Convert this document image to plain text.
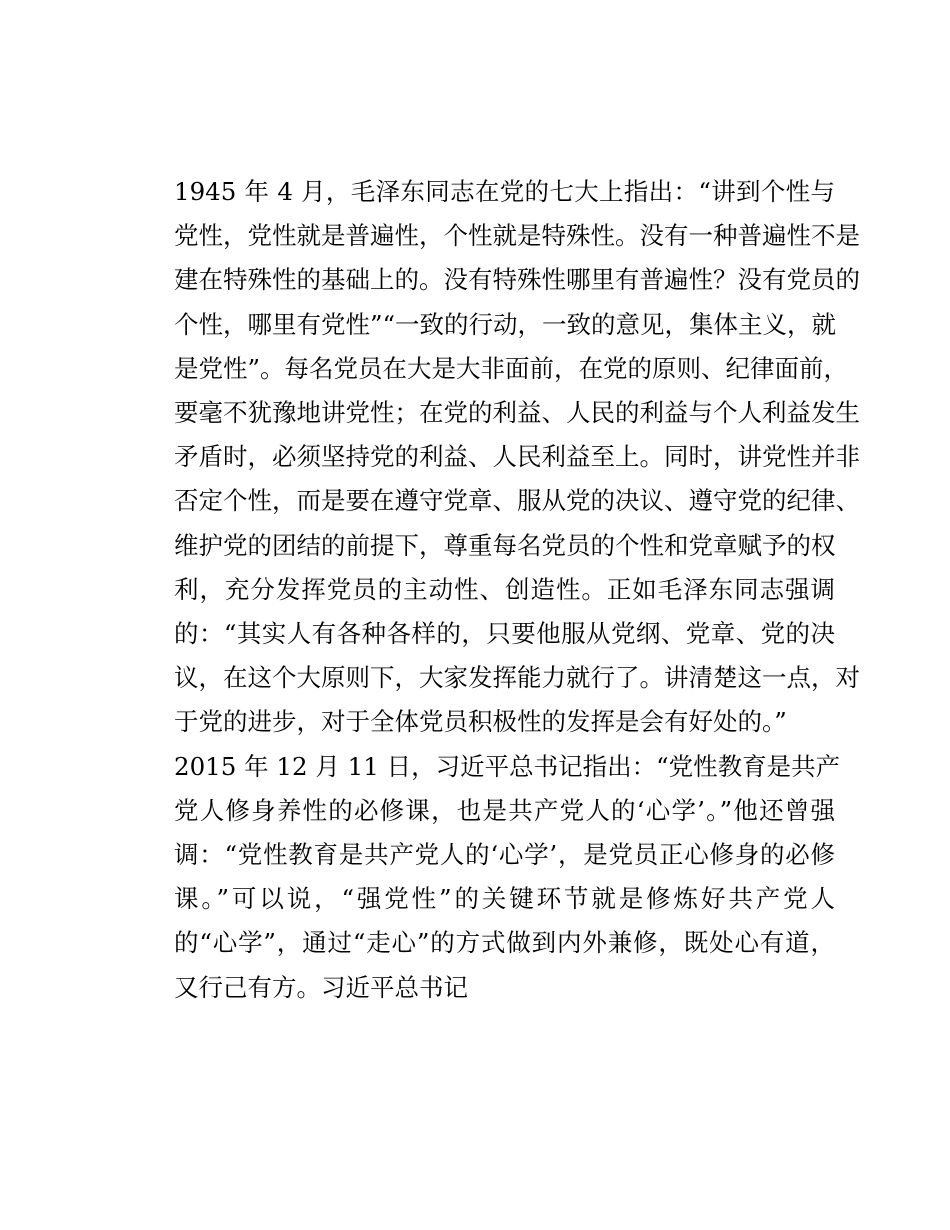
1945 年 4 月，毛泽东同志在党的七大上指出：“讲到个性与
党性，党性就是普遍性，个性就是特殊性。没有一种普遍性不是
建在特殊性的基础上的。没有特殊性哪里有普遍性？没有党员的
个性，哪里有党性”“一致的行动，一致的意见，集体主义，就
是党性”。每名党员在大是大非面前，在党的原则、纪律面前，
要毫不犹豫地讲党性；在党的利益、人民的利益与个人利益发生
矛盾时，必须坚持党的利益、人民利益至上。同时，讲党性并非
否定个性，而是要在遵守党章、服从党的决议、遵守党的纪律、
维护党的团结的前提下，尊重每名党员的个性和党章赋予的权
利，充分发挥党员的主动性、创造性。正如毛泽东同志强调
的：“其实人有各种各样的，只要他服从党纲、党章、党的决
议，在这个大原则下，大家发挥能力就行了。讲清楚这一点，对
于党的进步，对于全体党员积极性的发挥是会有好处的。”

2015 年 12 月 11 日，习近平总书记指出：“党性教育是共产
党人修身养性的必修课，也是共产党人的‘心学’。”他还曾强
调：“党性教育是共产党人的‘心学’，是党员正心修身的必修
课。”可以说，“强党性”的关键环节就是修炼好共产党人
的“心学”，通过“走心”的方式做到内外兼修，既处心有道，
又行己有方。习近平总书记
